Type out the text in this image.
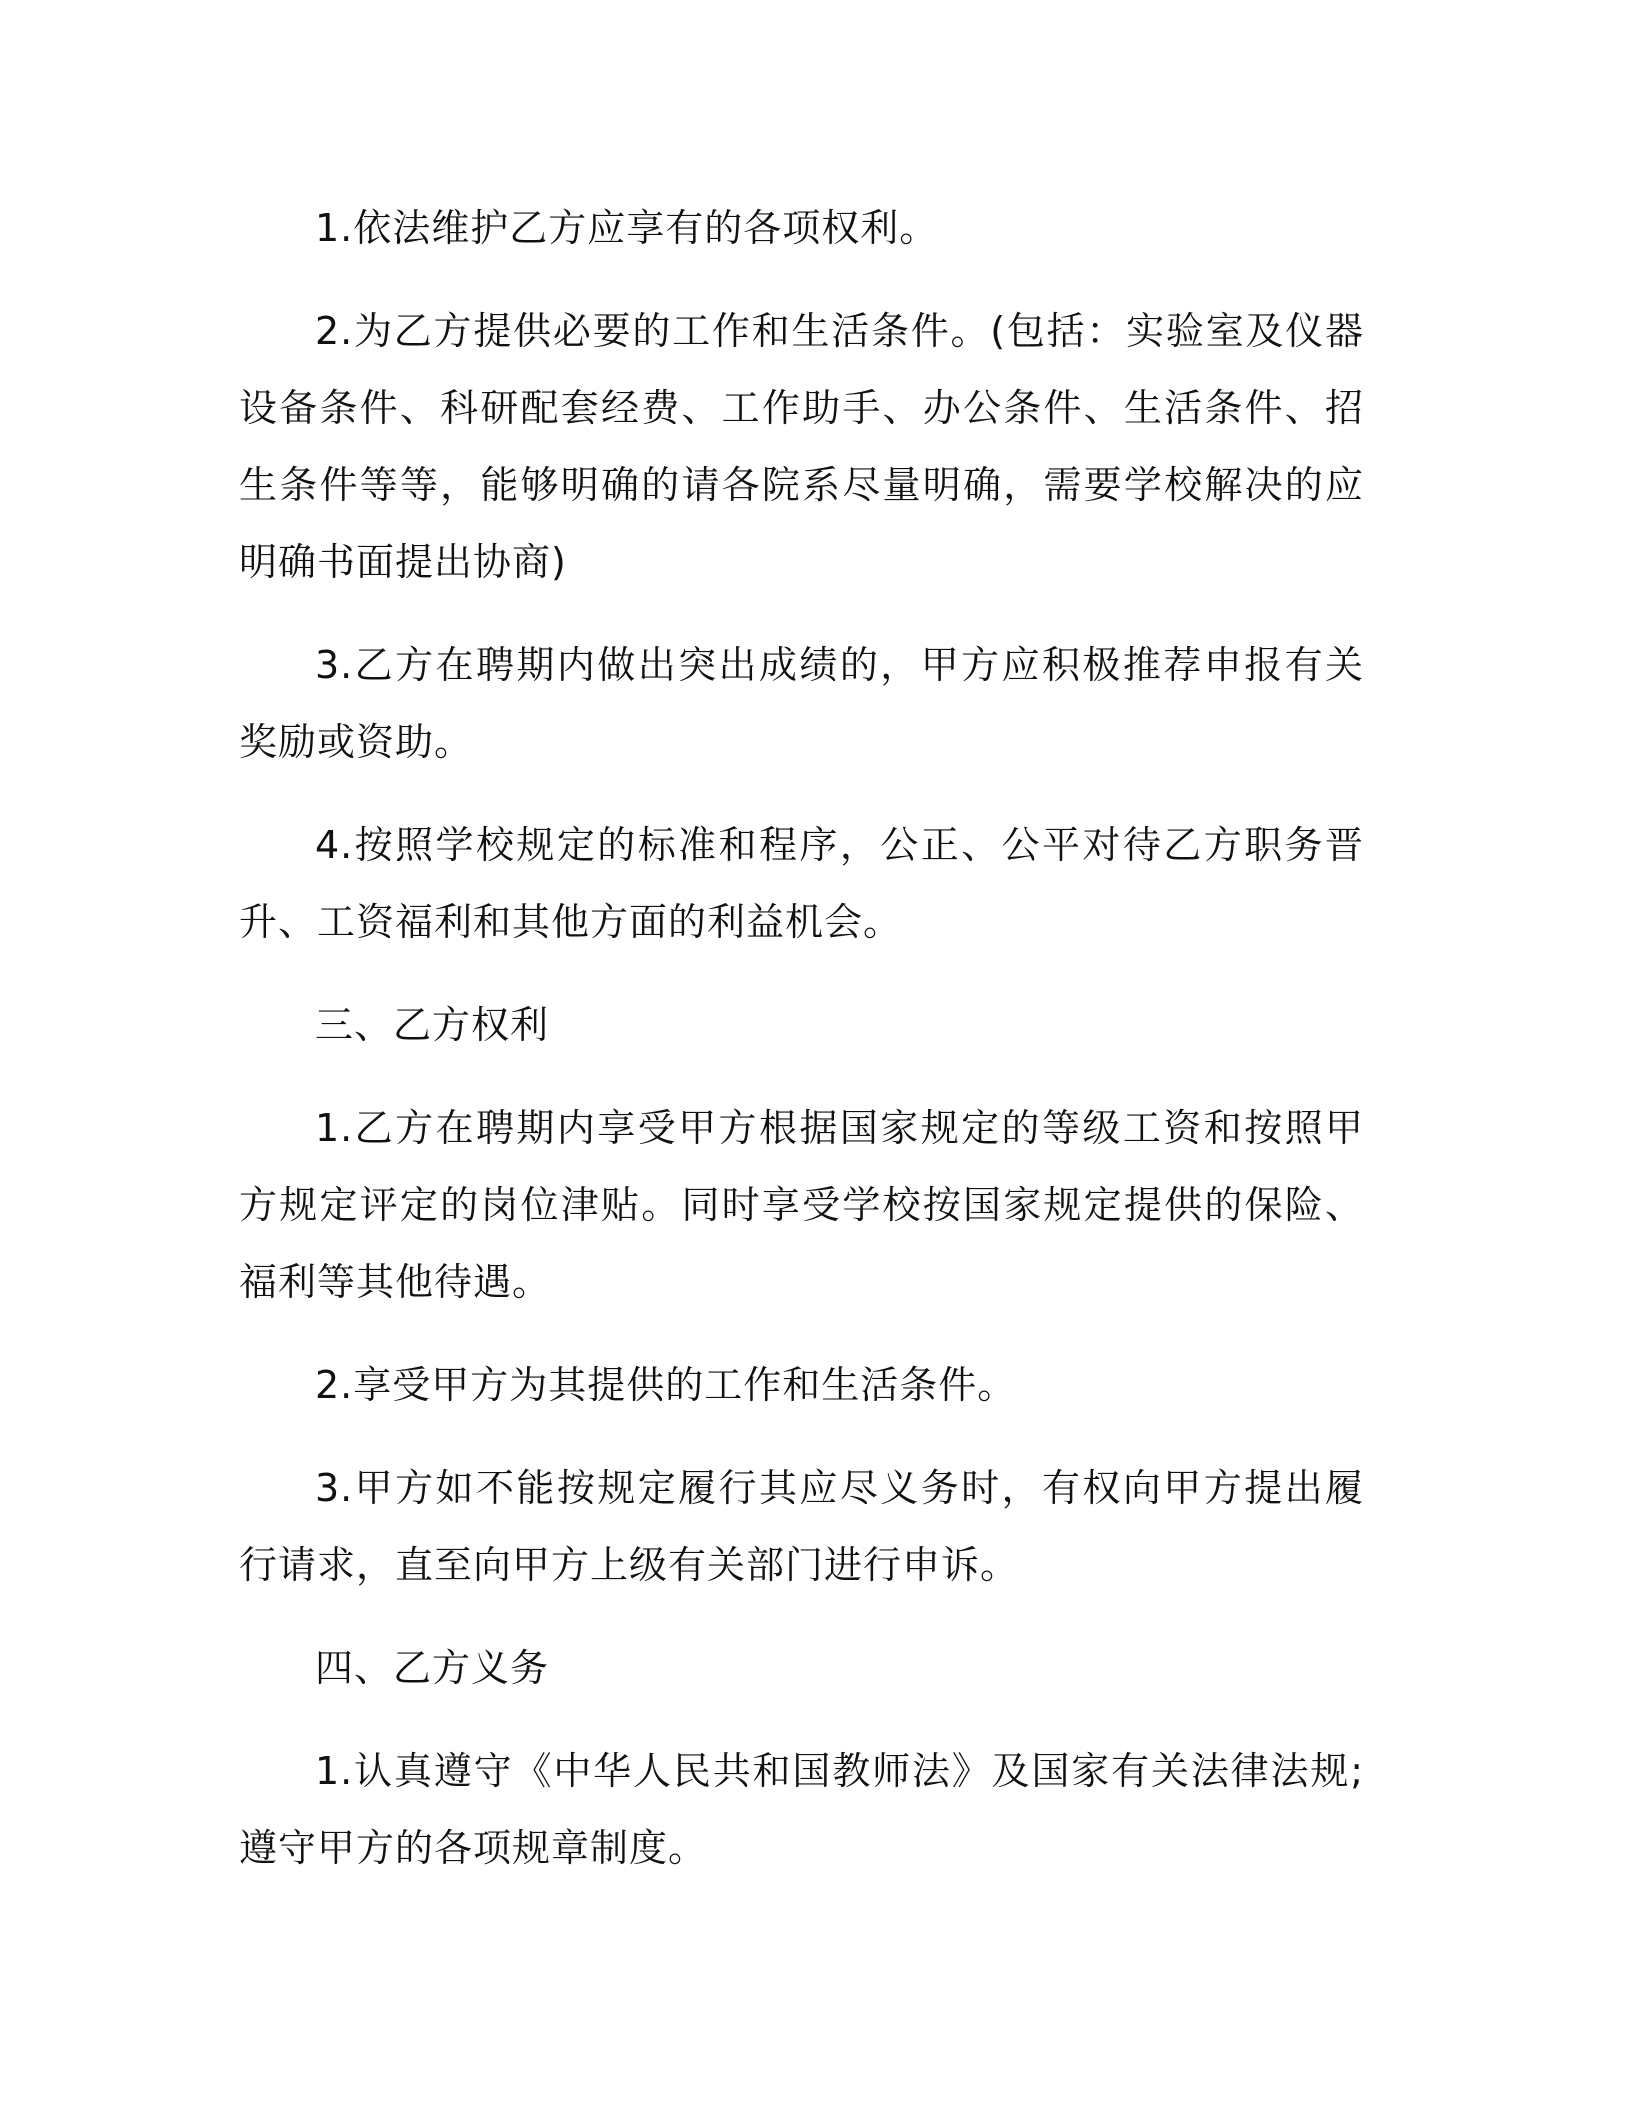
1.依法维护乙方应享有的各项权利。

2.为乙方提供必要的工作和生活条件。(包括：实验室及仪器设备条件、科研配套经费、工作助手、办公条件、生活条件、招生条件等等，能够明确的请各院系尽量明确，需要学校解决的应明确书面提出协商)

3.乙方在聘期内做出突出成绩的，甲方应积极推荐申报有关奖励或资助。

4.按照学校规定的标准和程序，公正、公平对待乙方职务晋升、工资福利和其他方面的利益机会。

三、乙方权利

1.乙方在聘期内享受甲方根据国家规定的等级工资和按照甲方规定评定的岗位津贴。同时享受学校按国家规定提供的保险、福利等其他待遇。

2.享受甲方为其提供的工作和生活条件。

3.甲方如不能按规定履行其应尽义务时，有权向甲方提出履行请求，直至向甲方上级有关部门进行申诉。

四、乙方义务

1.认真遵守《中华人民共和国教师法》及国家有关法律法规;遵守甲方的各项规章制度。
